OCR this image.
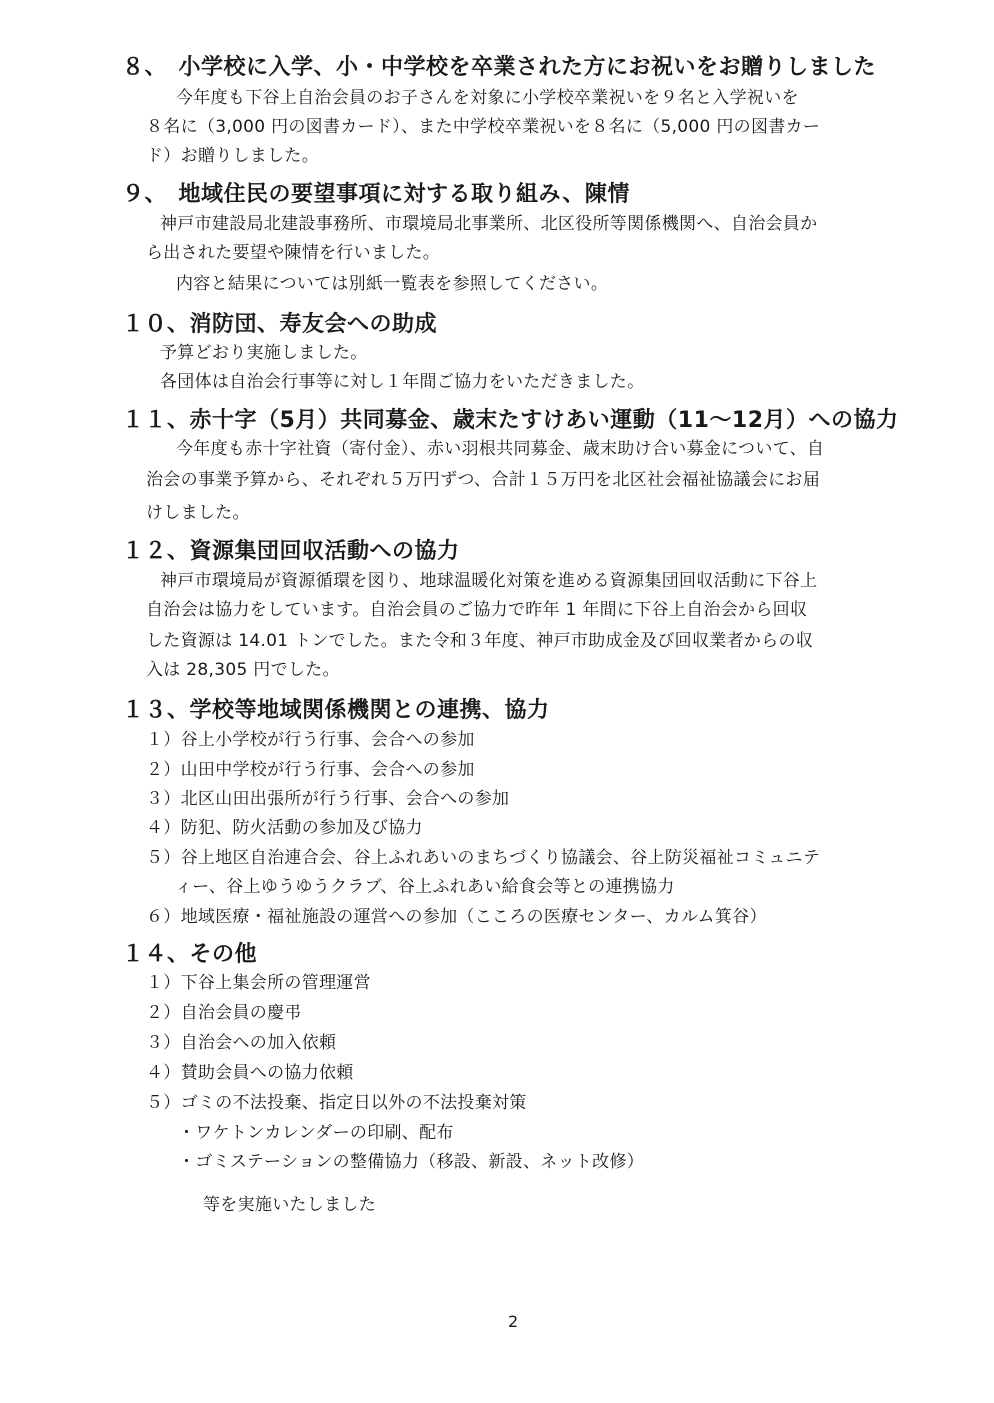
８、　小学校に入学、小・中学校を卒業された方にお祝いをお贈りしました
今年度も下谷上自治会員のお子さんを対象に小学校卒業祝いを９名と入学祝いを
８名に（3,000 円の図書カード）、また中学校卒業祝いを８名に（5,000 円の図書カー
ド）お贈りしました。
９、　地域住民の要望事項に対する取り組み、陳情
神戸市建設局北建設事務所、市環境局北事業所、北区役所等関係機関へ、自治会員か
ら出された要望や陳情を行いました。
内容と結果については別紙一覧表を参照してください。
１０、消防団、寿友会への助成
予算どおり実施しました。
各団体は自治会行事等に対し１年間ご協力をいただきました。
１１、赤十字（5月）共同募金、歳末たすけあい運動（11～12月）への協力
今年度も赤十字社資（寄付金）、赤い羽根共同募金、歳末助け合い募金について、自
治会の事業予算から、それぞれ５万円ずつ、合計１５万円を北区社会福祉協議会にお届
けしました。
１２、資源集団回収活動への協力
神戸市環境局が資源循環を図り、地球温暖化対策を進める資源集団回収活動に下谷上
自治会は協力をしています。自治会員のご協力で昨年 1 年間に下谷上自治会から回収
した資源は 14.01 トンでした。また令和３年度、神戸市助成金及び回収業者からの収
入は 28,305 円でした。
１３、学校等地域関係機関との連携、協力
１）谷上小学校が行う行事、会合への参加
２）山田中学校が行う行事、会合への参加
３）北区山田出張所が行う行事、会合への参加
４）防犯、防火活動の参加及び協力
５）谷上地区自治連合会、谷上ふれあいのまちづくり協議会、谷上防災福祉コミュニテ
ィー、谷上ゆうゆうクラブ、谷上ふれあい給食会等との連携協力
６）地域医療・福祉施設の運営への参加（こころの医療センター、カルム箕谷）
１４、その他
１）下谷上集会所の管理運営
２）自治会員の慶弔
３）自治会への加入依頼
４）賛助会員への協力依頼
５）ゴミの不法投棄、指定日以外の不法投棄対策
・ワケトンカレンダーの印刷、配布
・ゴミステーションの整備協力（移設、新設、ネット改修）
等を実施いたしました
2
